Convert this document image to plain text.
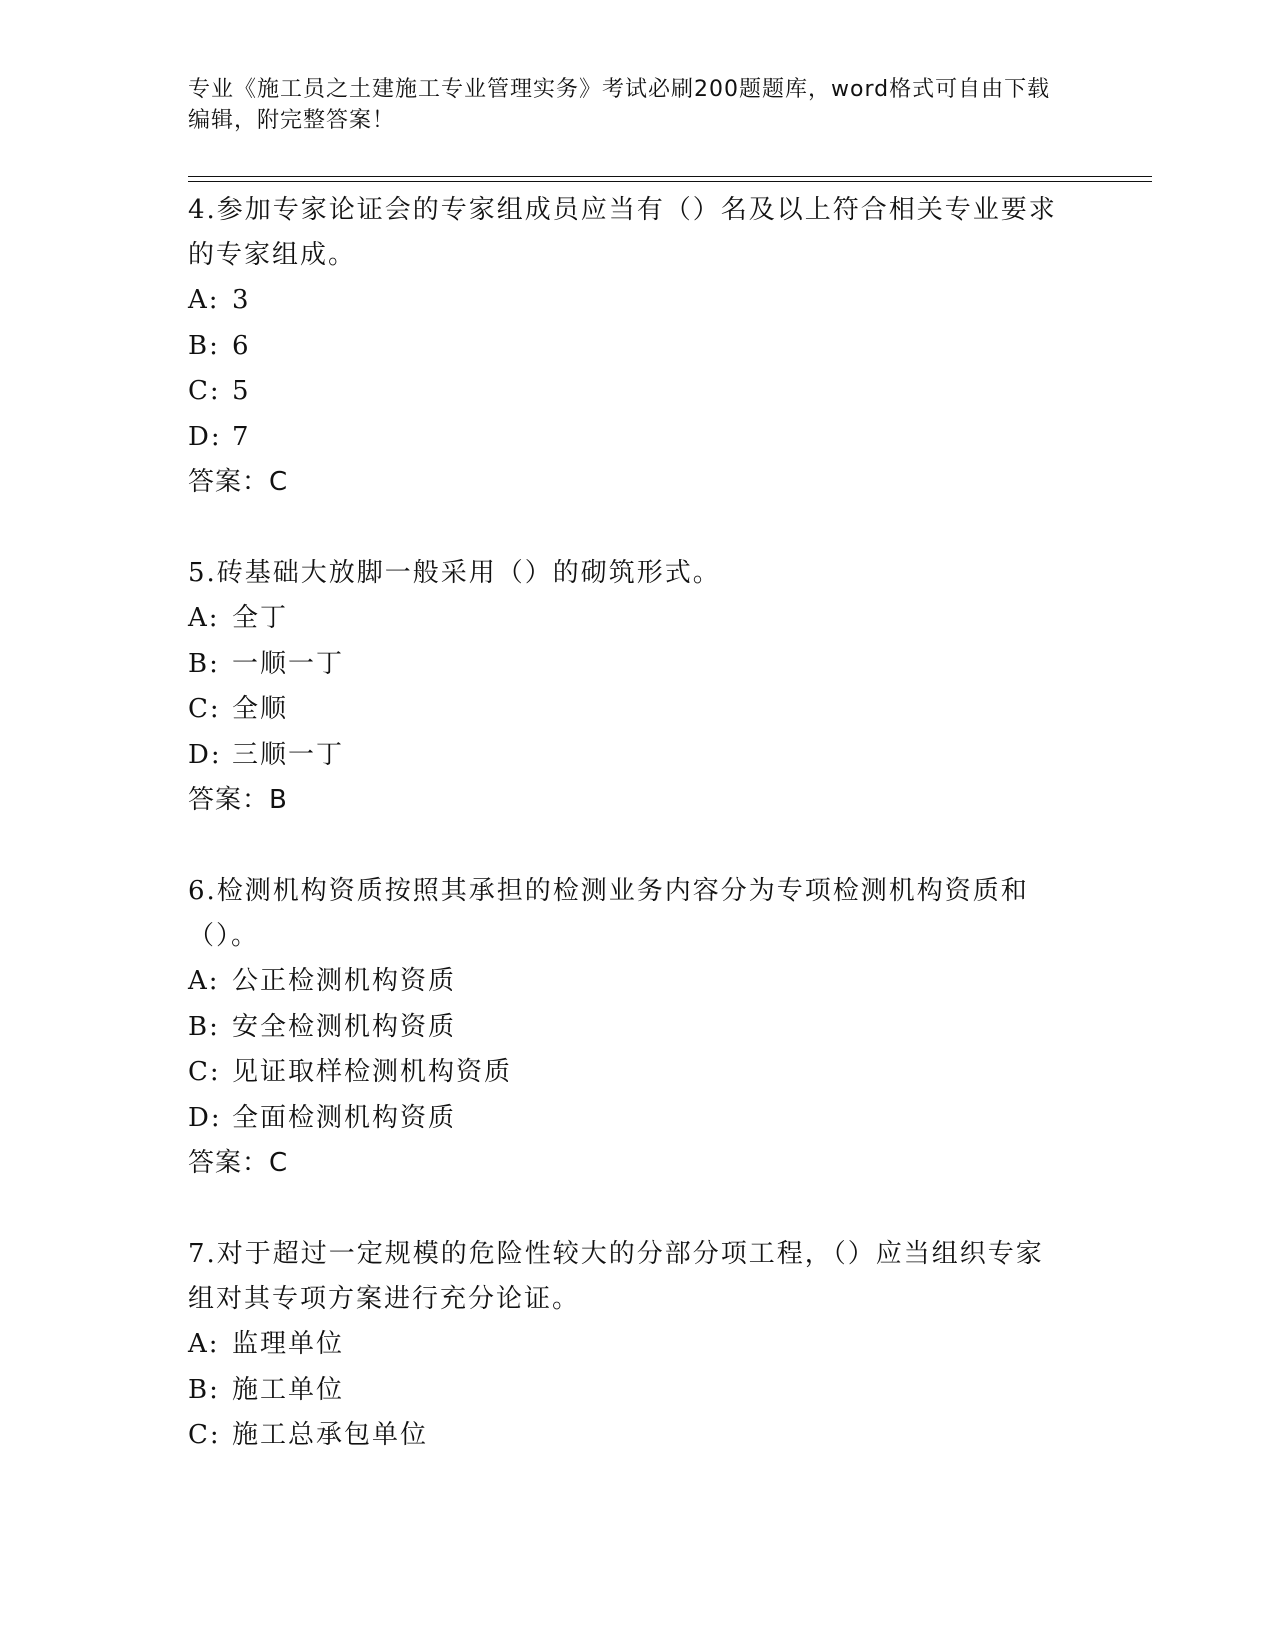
专业《施工员之土建施工专业管理实务》考试必刷200题题库，word格式可自由下载编辑，附完整答案！
4.参加专家论证会的专家组成员应当有（）名及以上符合相关专业要求的专家组成。
A: 3
B: 6
C: 5
D: 7
答案：C
5.砖基础大放脚一般采用（）的砌筑形式。
A: 全丁
B: 一顺一丁
C: 全顺
D: 三顺一丁
答案：B
6.检测机构资质按照其承担的检测业务内容分为专项检测机构资质和（）。
A: 公正检测机构资质
B: 安全检测机构资质
C: 见证取样检测机构资质
D: 全面检测机构资质
答案：C
7.对于超过一定规模的危险性较大的分部分项工程，（）应当组织专家组对其专项方案进行充分论证。
A: 监理单位
B: 施工单位
C: 施工总承包单位
